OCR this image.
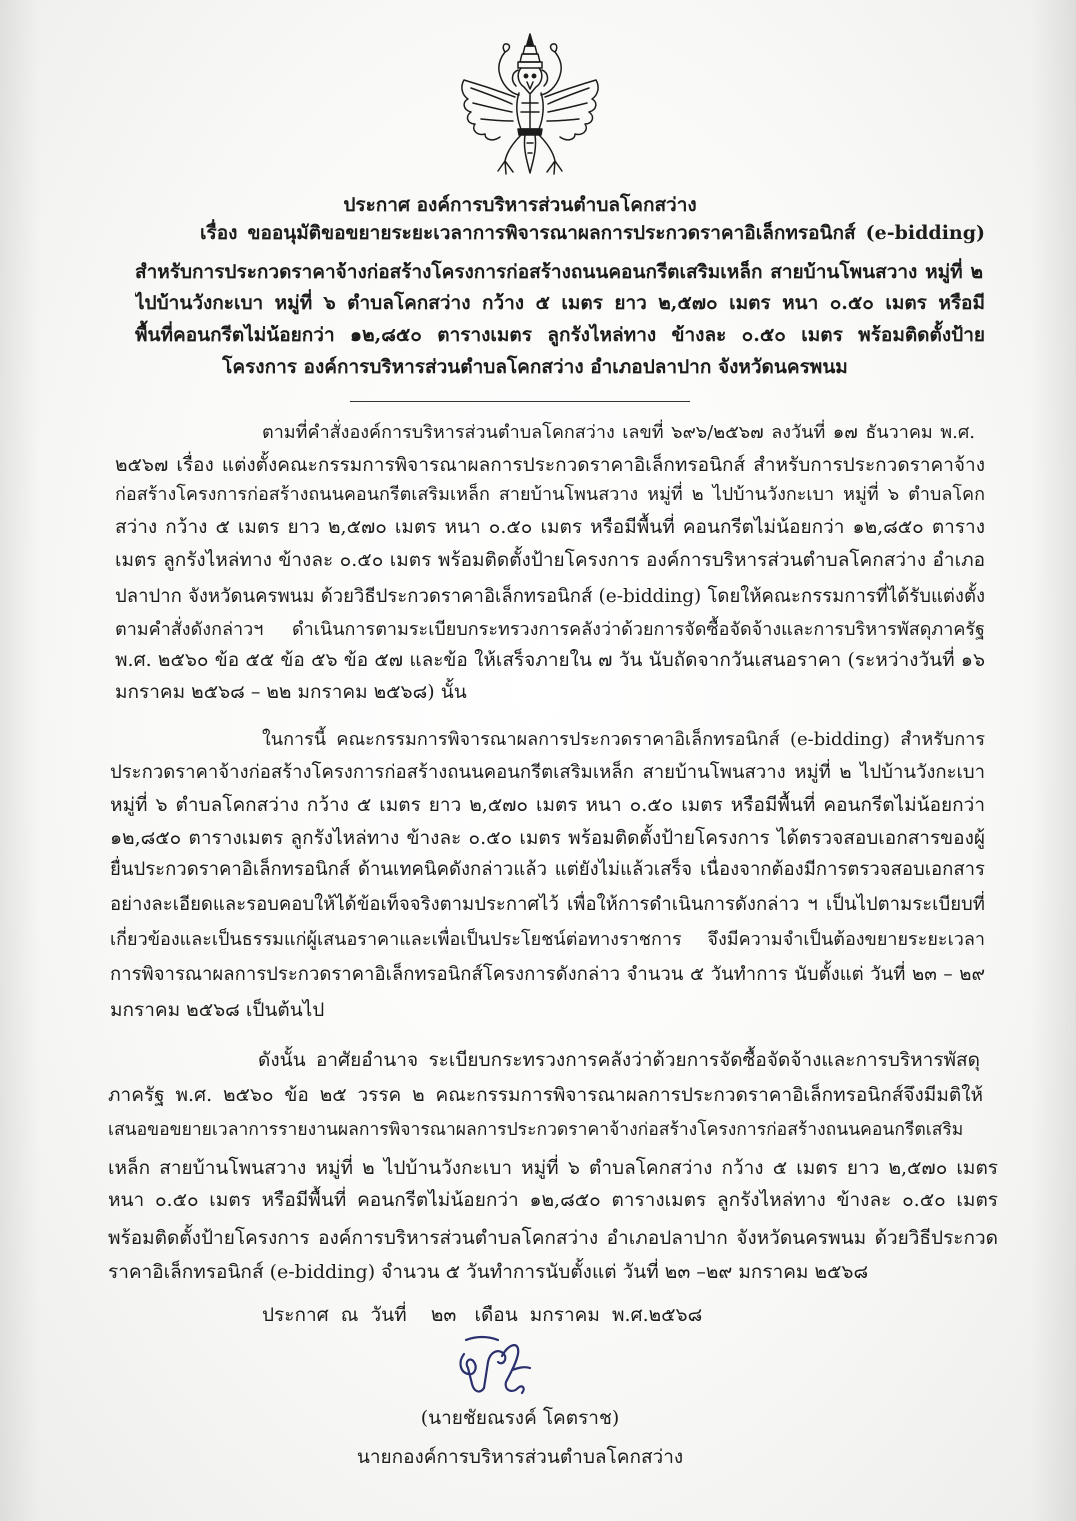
ประกาศ องค์การบริหารส่วนตำบลโคกสว่าง
เรื่อง ขออนุมัติขอขยายระยะเวลาการพิจารณาผลการประกวดราคาอิเล็กทรอนิกส์ (e-bidding)
สำหรับการประกวดราคาจ้างก่อสร้างโครงการก่อสร้างถนนคอนกรีตเสริมเหล็ก สายบ้านโพนสวาง หมู่ที่ ๒
ไปบ้านวังกะเบา หมู่ที่ ๖ ตำบลโคกสว่าง กว้าง ๕ เมตร ยาว ๒,๕๗๐ เมตร หนา ๐.๕๐ เมตร หรือมี
พื้นที่คอนกรีตไม่น้อยกว่า ๑๒,๘๕๐ ตารางเมตร ลูกรังไหล่ทาง ข้างละ ๐.๕๐ เมตร พร้อมติดตั้งป้าย
โครงการ องค์การบริหารส่วนตำบลโคกสว่าง อำเภอปลาปาก จังหวัดนครพนม
ตามที่คำสั่งองค์การบริหารส่วนตำบลโคกสว่าง เลขที่ ๖๙๖/๒๕๖๗ ลงวันที่ ๑๗ ธันวาคม พ.ศ.
๒๕๖๗ เรื่อง แต่งตั้งคณะกรรมการพิจารณาผลการประกวดราคาอิเล็กทรอนิกส์ สำหรับการประกวดราคาจ้าง
ก่อสร้างโครงการก่อสร้างถนนคอนกรีตเสริมเหล็ก สายบ้านโพนสวาง หมู่ที่ ๒ ไปบ้านวังกะเบา หมู่ที่ ๖ ตำบลโคก
สว่าง กว้าง ๕ เมตร ยาว ๒,๕๗๐ เมตร หนา ๐.๕๐ เมตร หรือมีพื้นที่ คอนกรีตไม่น้อยกว่า ๑๒,๘๕๐ ตาราง
เมตร ลูกรังไหล่ทาง ข้างละ ๐.๕๐ เมตร พร้อมติดตั้งป้ายโครงการ องค์การบริหารส่วนตำบลโคกสว่าง อำเภอ
ปลาปาก จังหวัดนครพนม ด้วยวิธีประกวดราคาอิเล็กทรอนิกส์ (e-bidding) โดยให้คณะกรรมการที่ได้รับแต่งตั้ง
ตามคำสั่งดังกล่าวฯ ดำเนินการตามระเบียบกระทรวงการคลังว่าด้วยการจัดซื้อจัดจ้างและการบริหารพัสดุภาครัฐ
พ.ศ. ๒๕๖๐ ข้อ ๕๕ ข้อ ๕๖ ข้อ ๕๗ และข้อ ให้เสร็จภายใน ๗ วัน นับถัดจากวันเสนอราคา (ระหว่างวันที่ ๑๖
มกราคม ๒๕๖๘ – ๒๒ มกราคม ๒๕๖๘) นั้น
ในการนี้ คณะกรรมการพิจารณาผลการประกวดราคาอิเล็กทรอนิกส์ (e-bidding) สำหรับการ
ประกวดราคาจ้างก่อสร้างโครงการก่อสร้างถนนคอนกรีตเสริมเหล็ก สายบ้านโพนสวาง หมู่ที่ ๒ ไปบ้านวังกะเบา
หมู่ที่ ๖ ตำบลโคกสว่าง กว้าง ๕ เมตร ยาว ๒,๕๗๐ เมตร หนา ๐.๕๐ เมตร หรือมีพื้นที่ คอนกรีตไม่น้อยกว่า
๑๒,๘๕๐ ตารางเมตร ลูกรังไหล่ทาง ข้างละ ๐.๕๐ เมตร พร้อมติดตั้งป้ายโครงการ ได้ตรวจสอบเอกสารของผู้
ยื่นประกวดราคาอิเล็กทรอนิกส์ ด้านเทคนิคดังกล่าวแล้ว แต่ยังไม่แล้วเสร็จ เนื่องจากต้องมีการตรวจสอบเอกสาร
อย่างละเอียดและรอบคอบให้ได้ข้อเท็จจริงตามประกาศไว้ เพื่อให้การดำเนินการดังกล่าว ฯ เป็นไปตามระเบียบที่
เกี่ยวข้องและเป็นธรรมแก่ผู้เสนอราคาและเพื่อเป็นประโยชน์ต่อทางราชการ จึงมีความจำเป็นต้องขยายระยะเวลา
การพิจารณาผลการประกวดราคาอิเล็กทรอนิกส์โครงการดังกล่าว จำนวน ๕ วันทำการ นับตั้งแต่ วันที่ ๒๓ – ๒๙
มกราคม ๒๕๖๘ เป็นต้นไป
ดังนั้น อาศัยอำนาจ ระเบียบกระทรวงการคลังว่าด้วยการจัดซื้อจัดจ้างและการบริหารพัสดุ
ภาครัฐ พ.ศ. ๒๕๖๐ ข้อ ๒๕ วรรค ๒ คณะกรรมการพิจารณาผลการประกวดราคาอิเล็กทรอนิกส์จึงมีมติให้
เสนอขอขยายเวลาการรายงานผลการพิจารณาผลการประกวดราคาจ้างก่อสร้างโครงการก่อสร้างถนนคอนกรีตเสริม
เหล็ก สายบ้านโพนสวาง หมู่ที่ ๒ ไปบ้านวังกะเบา หมู่ที่ ๖ ตำบลโคกสว่าง กว้าง ๕ เมตร ยาว ๒,๕๗๐ เมตร
หนา ๐.๕๐ เมตร หรือมีพื้นที่ คอนกรีตไม่น้อยกว่า ๑๒,๘๕๐ ตารางเมตร ลูกรังไหล่ทาง ข้างละ ๐.๕๐ เมตร
พร้อมติดตั้งป้ายโครงการ องค์การบริหารส่วนตำบลโคกสว่าง อำเภอปลาปาก จังหวัดนครพนม ด้วยวิธีประกวด
ราคาอิเล็กทรอนิกส์ (e-bidding) จำนวน ๕ วันทำการนับตั้งแต่ วันที่ ๒๓ –๒๙ มกราคม ๒๕๖๘
ประกาศ  ณ  วันที่    ๒๓   เดือน  มกราคม  พ.ศ.๒๕๖๘
(นายชัยณรงค์ โคตราช)
นายกองค์การบริหารส่วนตำบลโคกสว่าง
